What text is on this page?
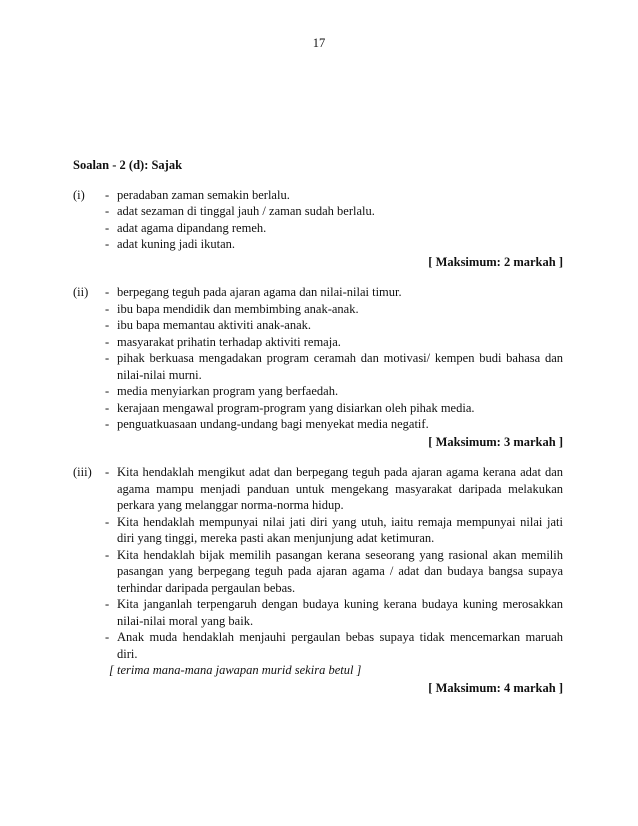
17
Soalan - 2 (d): Sajak
(i)	- peradaban zaman semakin berlalu.
- adat sezaman di tinggal jauh / zaman sudah berlalu.
- adat agama dipandang remeh.
- adat kuning jadi ikutan.
[ Maksimum: 2 markah ]
(ii)	- berpegang teguh pada ajaran agama dan nilai-nilai timur.
- ibu bapa mendidik dan membimbing anak-anak.
- ibu bapa memantau aktiviti anak-anak.
- masyarakat prihatin terhadap aktiviti remaja.
- pihak berkuasa mengadakan program ceramah dan motivasi/ kempen budi bahasa dan nilai-nilai murni.
- media menyiarkan program yang berfaedah.
- kerajaan mengawal program-program yang disiarkan oleh pihak media.
- penguatkuasaan undang-undang bagi menyekat media negatif.
[ Maksimum: 3 markah ]
(iii)	- Kita hendaklah mengikut adat dan berpegang teguh pada ajaran agama kerana adat dan agama mampu menjadi panduan untuk mengekang masyarakat daripada melakukan perkara yang melanggar norma-norma hidup.
- Kita hendaklah mempunyai nilai jati diri yang utuh, iaitu remaja mempunyai nilai jati diri yang tinggi, mereka pasti akan menjunjung adat ketimuran.
- Kita hendaklah bijak memilih pasangan kerana seseorang yang rasional akan memilih pasangan yang berpegang teguh pada ajaran agama / adat dan budaya bangsa supaya terhindar daripada pergaulan bebas.
- Kita janganlah terpengaruh dengan budaya kuning kerana budaya kuning merosakkan nilai-nilai moral yang baik.
- Anak muda hendaklah menjauhi pergaulan bebas supaya tidak mencemarkan maruah diri.
[ terima mana-mana jawapan murid sekira betul ]
[ Maksimum: 4 markah ]
